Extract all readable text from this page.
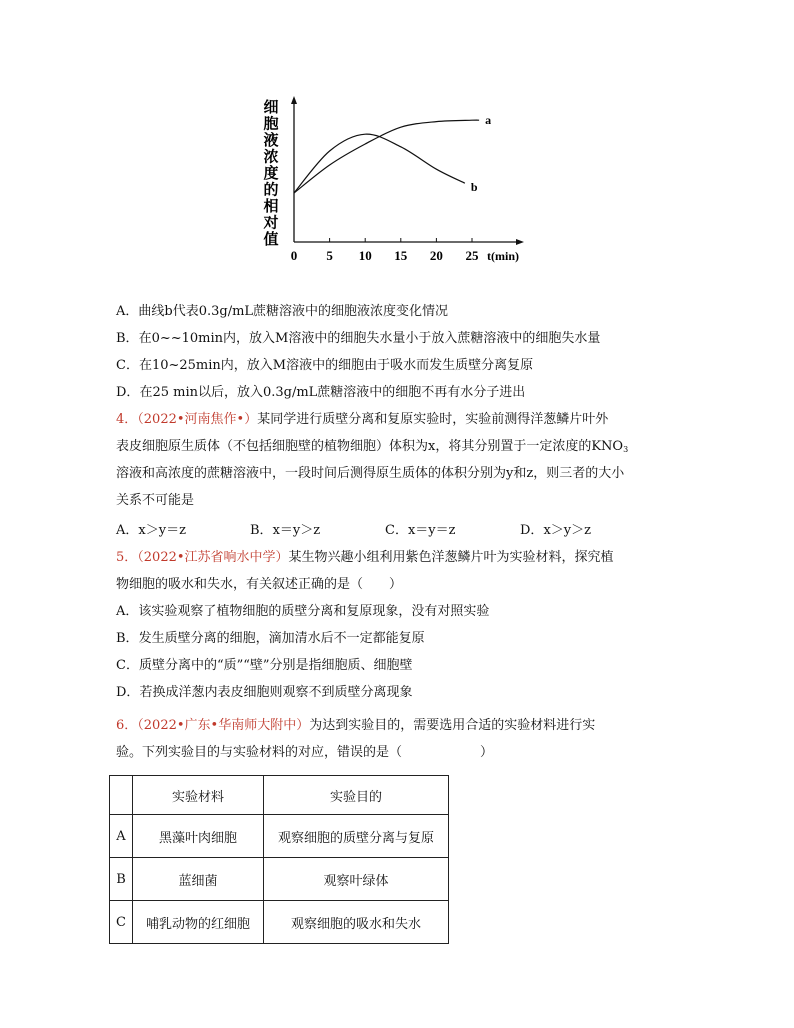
细
胞
液
浓
度
的
相
对
值
0 5 10 15 20 25 t(min)
a
b
A．曲线b代表0.3g/mL蔗糖溶液中的细胞液浓度变化情况
B．在0~~10min内，放入M溶液中的细胞失水量小于放入蔗糖溶液中的细胞失水量
C．在10~25min内，放入M溶液中的细胞由于吸水而发生质壁分离复原
D．在25 min以后，放入0.3g/mL蔗糖溶液中的细胞不再有水分子进出
4．（2022•河南焦作•）某同学进行质壁分离和复原实验时，实验前测得洋葱鳞片叶外
表皮细胞原生质体（不包括细胞壁的植物细胞）体积为x，将其分别置于一定浓度的$KNO_3$
溶液和高浓度的蔗糖溶液中，一段时间后测得原生质体的体积分别为y和z，则三者的大小
关系不可能是
A．x＞y＝z	B．x＝y＞z	C．x＝y＝z	D．x＞y＞z
5．（2022•江苏省响水中学）某生物兴趣小组利用紫色洋葱鳞片叶为实验材料，探究植
物细胞的吸水和失水，有关叙述正确的是（　　）
A．该实验观察了植物细胞的质壁分离和复原现象，没有对照实验
B．发生质壁分离的细胞，滴加清水后不一定都能复原
C．质壁分离中的“质”“壁”分别是指细胞质、细胞壁
D．若换成洋葱内表皮细胞则观察不到质壁分离现象
6．（2022•广东•华南师大附中）为达到实验目的，需要选用合适的实验材料进行实
验。下列实验目的与实验材料的对应，错误的是（　　　　　　）
	实验材料	实验目的
A	黑藻叶肉细胞	观察细胞的质壁分离与复原
B	蓝细菌	观察叶绿体
C	哺乳动物的红细胞	观察细胞的吸水和失水
